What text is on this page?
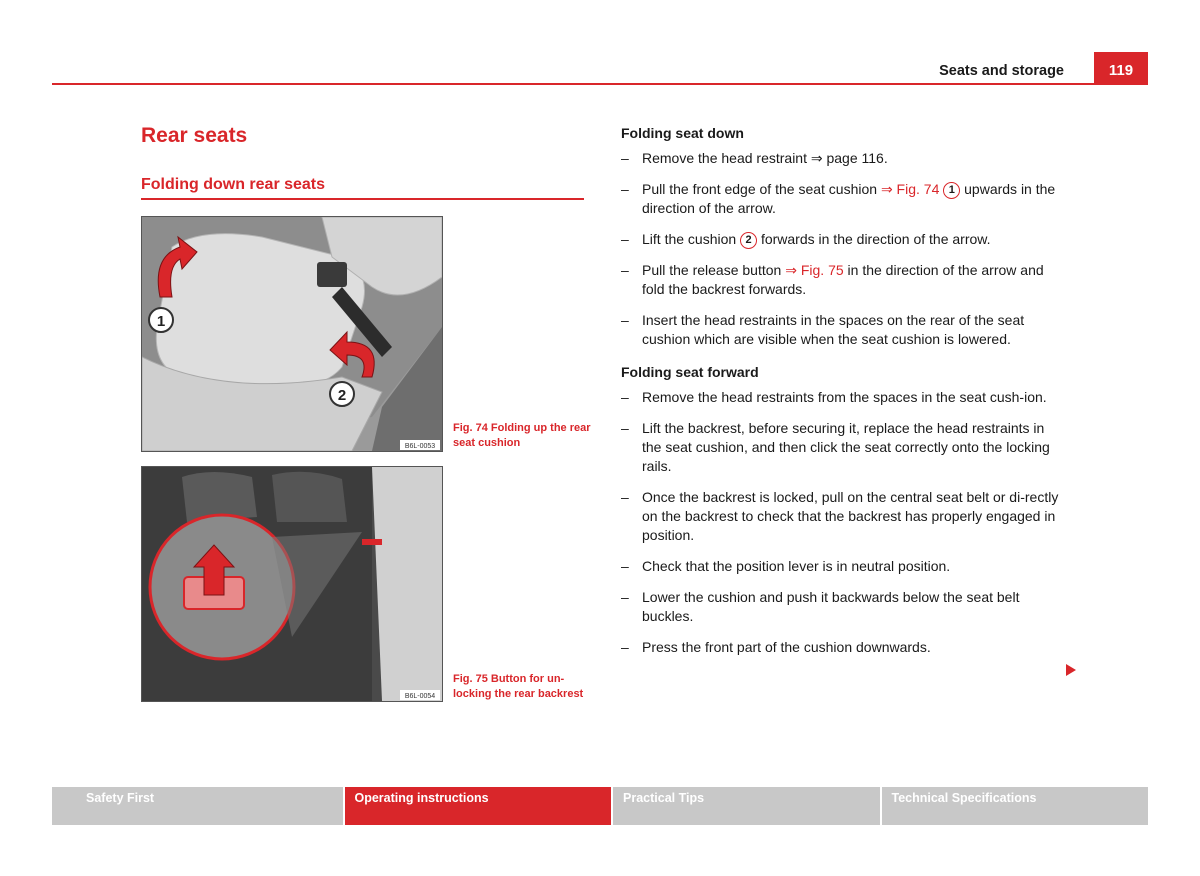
Seats and storage	119
Rear seats
Folding down rear seats
1
2
B6L-0053
Fig. 74 Folding up the rear seat cushion
B6L-0054
Fig. 75 Button for un-locking the rear backrest
Folding seat down
– Remove the head restraint ⇒ page 116.
– Pull the front edge of the seat cushion ⇒ Fig. 74 1 upwards in the direction of the arrow.
– Lift the cushion 2 forwards in the direction of the arrow.
– Pull the release button ⇒ Fig. 75 in the direction of the arrow and fold the backrest forwards.
– Insert the head restraints in the spaces on the rear of the seat cushion which are visible when the seat cushion is lowered.
Folding seat forward
– Remove the head restraints from the spaces in the seat cush-ion.
– Lift the backrest, before securing it, replace the head restraints in the seat cushion, and then click the seat correctly onto the locking rails.
– Once the backrest is locked, pull on the central seat belt or di-rectly on the backrest to check that the backrest has properly engaged in position.
– Check that the position lever is in neutral position.
– Lower the cushion and push it backwards below the seat belt buckles.
– Press the front part of the cushion downwards.
Safety First	Operating instructions	Practical Tips	Technical Specifications
